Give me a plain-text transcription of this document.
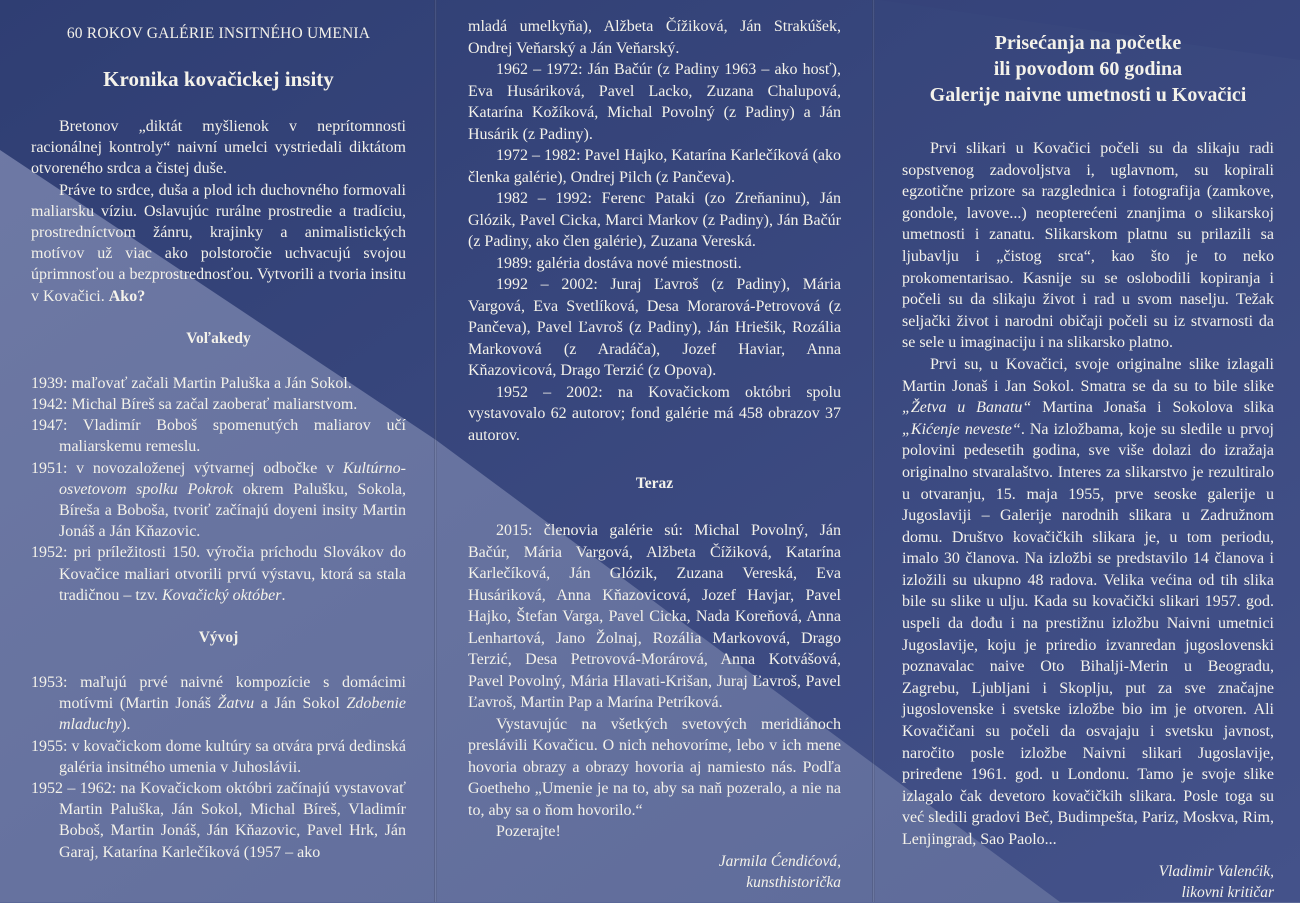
60 ROKOV GALÉRIE INSITNÉHO UMENIA

Kronika kovačickej insity

Bretonov „diktát myšlienok v neprítomnosti racionálnej kontroly“ naivní umelci vystriedali diktátom otvoreného srdca a čistej duše.

Práve to srdce, duša a plod ich duchovného formovali maliarsku víziu. Oslavujúc rurálne prostredie a tradíciu, prostredníctvom žánru, krajinky a animalistických motívov už viac ako polstoročie uchvacujú svojou úprimnosťou a bezprostrednosťou. Vytvorili a tvoria insitu v Kovačici. Ako?

Voľakedy

1939: maľovať začali Martin Paluška a Ján Sokol.

1942: Michal Bíreš sa začal zaoberať maliarstvom.

1947: Vladimír Boboš spomenutých maliarov učí maliarskemu remeslu.

1951: v novozaloženej výtvarnej odbočke v Kultúrno-osvetovom spolku Pokrok okrem Palušku, Sokola, Bíreša a Boboša, tvoriť začínajú doyeni insity Martin Jonáš a Ján Kňazovic.

1952: pri príležitosti 150. výročia príchodu Slovákov do Kovačice maliari otvorili prvú výstavu, ktorá sa stala tradičnou – tzv. Kovačický október.

Vývoj

1953: maľujú prvé naivné kompozície s domácimi motívmi (Martin Jonáš Žatvu a Ján Sokol Zdobenie mladuchy).

1955: v kovačickom dome kultúry sa otvára prvá dedinská galéria insitného umenia v Juhoslávii.

1952 – 1962: na Kovačickom októbri začínajú vystavovať Martin Paluška, Ján Sokol, Michal Bíreš, Vladimír Boboš, Martin Jonáš, Ján Kňazovic, Pavel Hrk, Ján Garaj, Katarína Karlečíková (1957 – ako

mladá umelkyňa), Alžbeta Čížiková, Ján Strakúšek, Ondrej Veňarský a Ján Veňarský.

1962 – 1972: Ján Bačúr (z Padiny 1963 – ako hosť), Eva Husáriková, Pavel Lacko, Zuzana Chalupová, Katarína Kožíková, Michal Povolný (z Padiny) a Ján Husárik (z Padiny).

1972 – 1982: Pavel Hajko, Katarína Karlečíková (ako členka galérie), Ondrej Pilch (z Pančeva).

1982 – 1992: Ferenc Pataki (zo Zreňaninu), Ján Glózik, Pavel Cicka, Marci Markov (z Padiny), Ján Bačúr (z Padiny, ako člen galérie), Zuzana Vereská.

1989: galéria dostáva nové miestnosti.

1992 – 2002: Juraj Ľavroš (z Padiny), Mária Vargová, Eva Svetlíková, Desa Morarová-Petrovová (z Pančeva), Pavel Ľavroš (z Padiny), Ján Hriešik, Rozália Markovová (z Aradáča), Jozef Haviar, Anna Kňazovicová, Drago Terzić (z Opova).

1952 – 2002: na Kovačickom októbri spolu vystavovalo 62 autorov; fond galérie má 458 obrazov 37 autorov.

Teraz

2015: členovia galérie sú: Michal Povolný, Ján Bačúr, Mária Vargová, Alžbeta Čížiková, Katarína Karlečíková, Ján Glózik, Zuzana Vereská, Eva Husáriková, Anna Kňazovicová, Jozef Havjar, Pavel Hajko, Štefan Varga, Pavel Cicka, Nada Koreňová, Anna Lenhartová, Jano Žolnaj, Rozália Markovová, Drago Terzić, Desa Petrovová-Morárová, Anna Kotvášová, Pavel Povolný, Mária Hlavati-Krišan, Juraj Ľavroš, Pavel Ľavroš, Martin Pap a Marína Petríková.

Vystavujúc na všetkých svetových meridiánoch preslávili Kovačicu. O nich nehovoríme, lebo v ich mene hovoria obrazy a obrazy hovoria aj namiesto nás. Podľa Goetheho „Umenie je na to, aby sa naň pozeralo, a nie na to, aby sa o ňom hovorilo.“

Pozerajte!

Jarmila Ćendićová,
kunsthistorička
Prisećanja na početke
ili povodom 60 godina
Galerije naivne umetnosti u Kovačici

Prvi slikari u Kovačici počeli su da slikaju radi sopstvenog zadovoljstva i, uglavnom, su kopirali egzotične prizore sa razglednica i fotografija (zamkove, gondole, lavove...) neopterećeni znanjima o slikarskoj umetnosti i zanatu. Slikarskom platnu su prilazili sa ljubavlju i „čistog srca“, kao što je to neko prokomentarisao. Kasnije su se oslobodili kopiranja i počeli su da slikaju život i rad u svom naselju. Težak seljački život i narodni običaji počeli su iz stvarnosti da se sele u imaginaciju i na slikarsko platno.

Prvi su, u Kovačici, svoje originalne slike izlagali Martin Jonaš i Jan Sokol. Smatra se da su to bile slike „Žetva u Banatu“ Martina Jonaša i Sokolova slika „Kićenje neveste“. Na izložbama, koje su sledile u prvoj polovini pedesetih godina, sve više dolazi do izražaja originalno stvaralaštvo. Interes za slikarstvo je rezultiralo u otvaranju, 15. maja 1955, prve seoske galerije u Jugoslaviji – Galerije narodnih slikara u Zadružnom domu. Društvo kovačičkih slikara je, u tom periodu, imalo 30 članova. Na izložbi se predstavilo 14 članova i izložili su ukupno 48 radova. Velika većina od tih slika bile su slike u ulju. Kada su kovačički slikari 1957. god. uspeli da dođu i na prestižnu izložbu Naivni umetnici Jugoslavije, koju je priredio izvanredan jugoslovenski poznavalac naive Oto Bihalji-Merin u Beogradu, Zagrebu, Ljubljani i Skoplju, put za sve značajne jugoslovenske i svetske izložbe bio im je otvoren. Ali Kovačičani su počeli da osvajaju i svetsku javnost, naročito posle izložbe Naivni slikari Jugoslavije, priređene 1961. god. u Londonu. Tamo je svoje slike izlagalo čak devetoro kovačičkih slikara. Posle toga su već sledili gradovi Beč, Budimpešta, Pariz, Moskva, Rim, Lenjingrad, Sao Paolo...

Vladimir Valenćik,
likovni kritičar
